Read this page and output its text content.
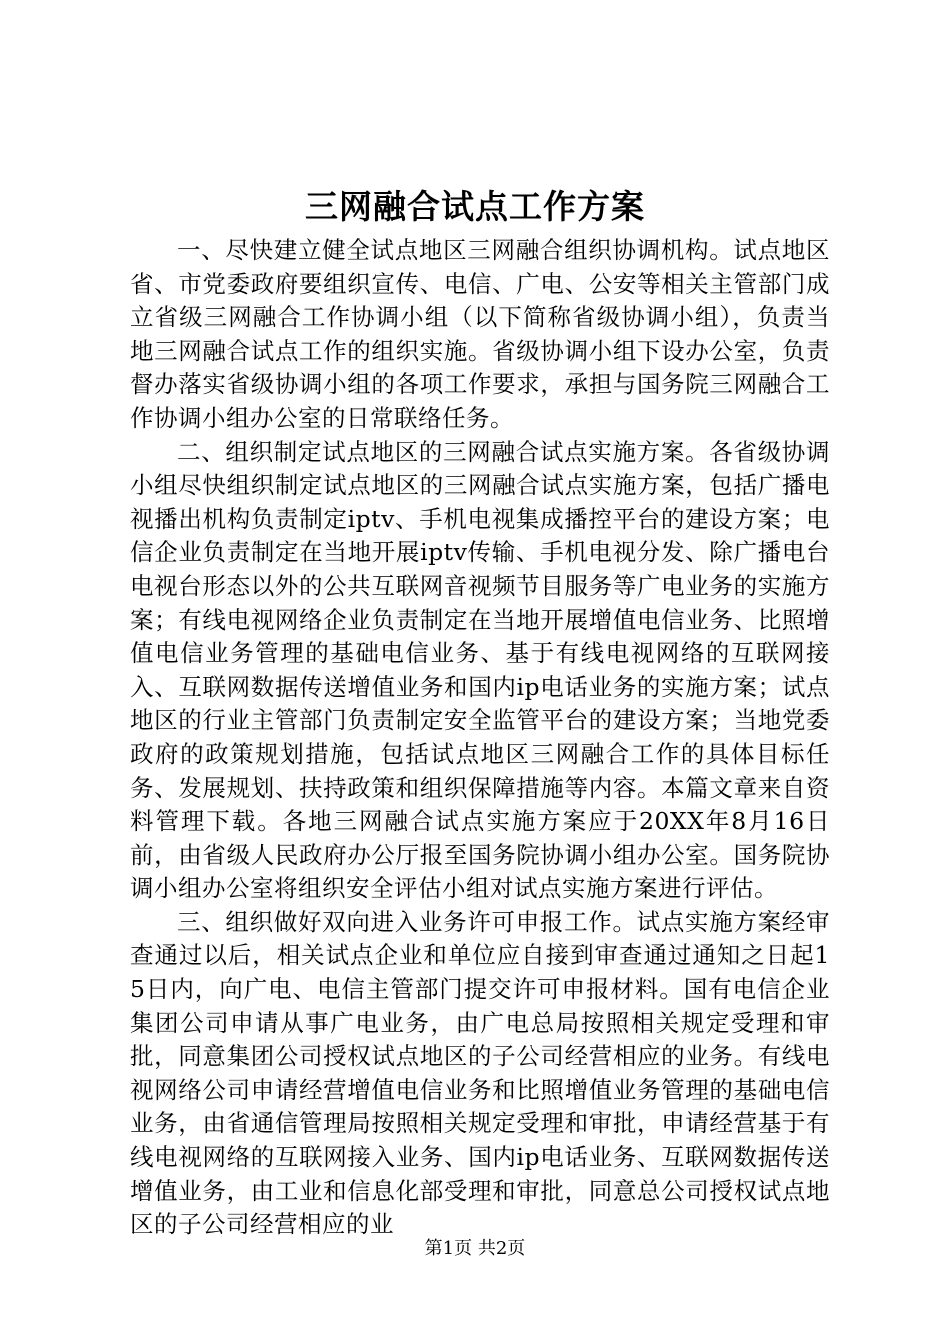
三网融合试点工作方案

一、尽快建立健全试点地区三网融合组织协调机构。试点地区省、市党委政府要组织宣传、电信、广电、公安等相关主管部门成立省级三网融合工作协调小组（以下简称省级协调小组），负责当地三网融合试点工作的组织实施。省级协调小组下设办公室，负责督办落实省级协调小组的各项工作要求，承担与国务院三网融合工作协调小组办公室的日常联络任务。

二、组织制定试点地区的三网融合试点实施方案。各省级协调小组尽快组织制定试点地区的三网融合试点实施方案，包括广播电视播出机构负责制定iptv、手机电视集成播控平台的建设方案；电信企业负责制定在当地开展iptv传输、手机电视分发、除广播电台电视台形态以外的公共互联网音视频节目服务等广电业务的实施方案；有线电视网络企业负责制定在当地开展增值电信业务、比照增值电信业务管理的基础电信业务、基于有线电视网络的互联网接入、互联网数据传送增值业务和国内ip电话业务的实施方案；试点地区的行业主管部门负责制定安全监管平台的建设方案；当地党委政府的政策规划措施，包括试点地区三网融合工作的具体目标任务、发展规划、扶持政策和组织保障措施等内容。本篇文章来自资料管理下载。各地三网融合试点实施方案应于20XX年8月16日前，由省级人民政府办公厅报至国务院协调小组办公室。国务院协调小组办公室将组织安全评估小组对试点实施方案进行评估。

三、组织做好双向进入业务许可申报工作。试点实施方案经审查通过以后，相关试点企业和单位应自接到审查通过通知之日起15日内，向广电、电信主管部门提交许可申报材料。国有电信企业集团公司申请从事广电业务，由广电总局按照相关规定受理和审批，同意集团公司授权试点地区的子公司经营相应的业务。有线电视网络公司申请经营增值电信业务和比照增值业务管理的基础电信业务，由省通信管理局按照相关规定受理和审批，申请经营基于有线电视网络的互联网接入业务、国内ip电话业务、互联网数据传送增值业务，由工业和信息化部受理和审批，同意总公司授权试点地区的子公司经营相应的业

第1页 共2页
